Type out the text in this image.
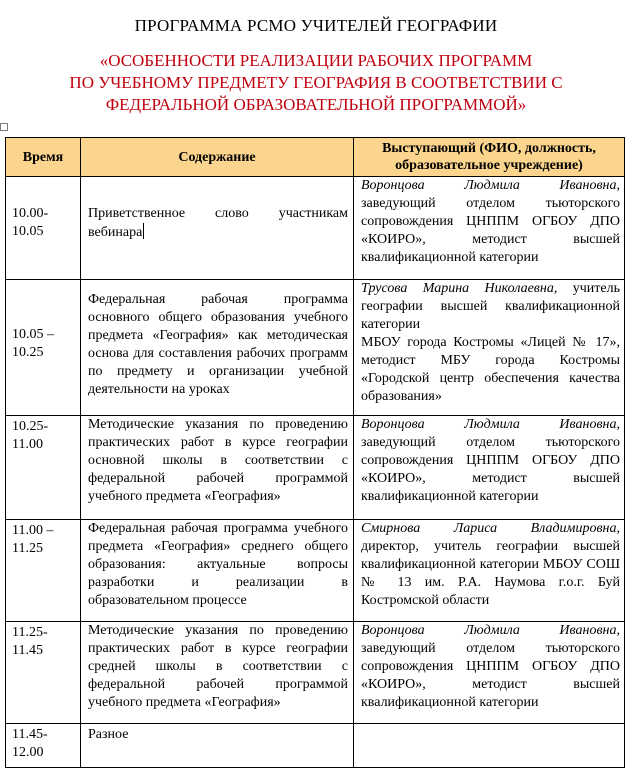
ПРОГРАММА РСМО УЧИТЕЛЕЙ ГЕОГРАФИИ
«ОСОБЕННОСТИ РЕАЛИЗАЦИИ РАБОЧИХ ПРОГРАММ
ПО УЧЕБНОМУ ПРЕДМЕТУ ГЕОГРАФИЯ В СООТВЕТСТВИИ С
ФЕДЕРАЛЬНОЙ ОБРАЗОВАТЕЛЬНОЙ ПРОГРАММОЙ»
Время	Содержание	Выступающий (ФИО, должность, образовательное учреждение)

10.00-
10.05	Приветственное слово участникам вебинара	Воронцова Людмила Ивановна, заведующий отделом тьюторского сопровождения ЦНППМ ОГБОУ ДПО «КОИРО», методист высшей квалификационной категории

10.05 –
10.25	Федеральная рабочая программа основного общего образования учебного предмета «География» как методическая основа для составления рабочих программ по предмету и организации учебной деятельности на уроках	Трусова Марина Николаевна, учитель географии высшей квалификационной категории
МБОУ города Костромы «Лицей № 17», методист МБУ города Костромы «Городской центр обеспечения качества образования»

10.25-
11.00	Методические указания по проведению практических работ в курсе географии основной школы в соответствии с федеральной рабочей программой учебного предмета «География»	Воронцова Людмила Ивановна, заведующий отделом тьюторского сопровождения ЦНППМ ОГБОУ ДПО «КОИРО», методист высшей квалификационной категории

11.00 –
11.25	Федеральная рабочая программа учебного предмета «География» среднего общего образования: актуальные вопросы разработки и реализации в образовательном процессе	Смирнова Лариса Владимировна, директор, учитель географии высшей квалификационной категории МБОУ СОШ № 13 им. Р.А. Наумова г.о.г. Буй Костромской области

11.25-
11.45	Методические указания по проведению практических работ в курсе географии средней школы в соответствии с федеральной рабочей программой учебного предмета «География»	Воронцова Людмила Ивановна, заведующий отделом тьюторского сопровождения ЦНППМ ОГБОУ ДПО «КОИРО», методист высшей квалификационной категории

11.45-
12.00	Разное	
